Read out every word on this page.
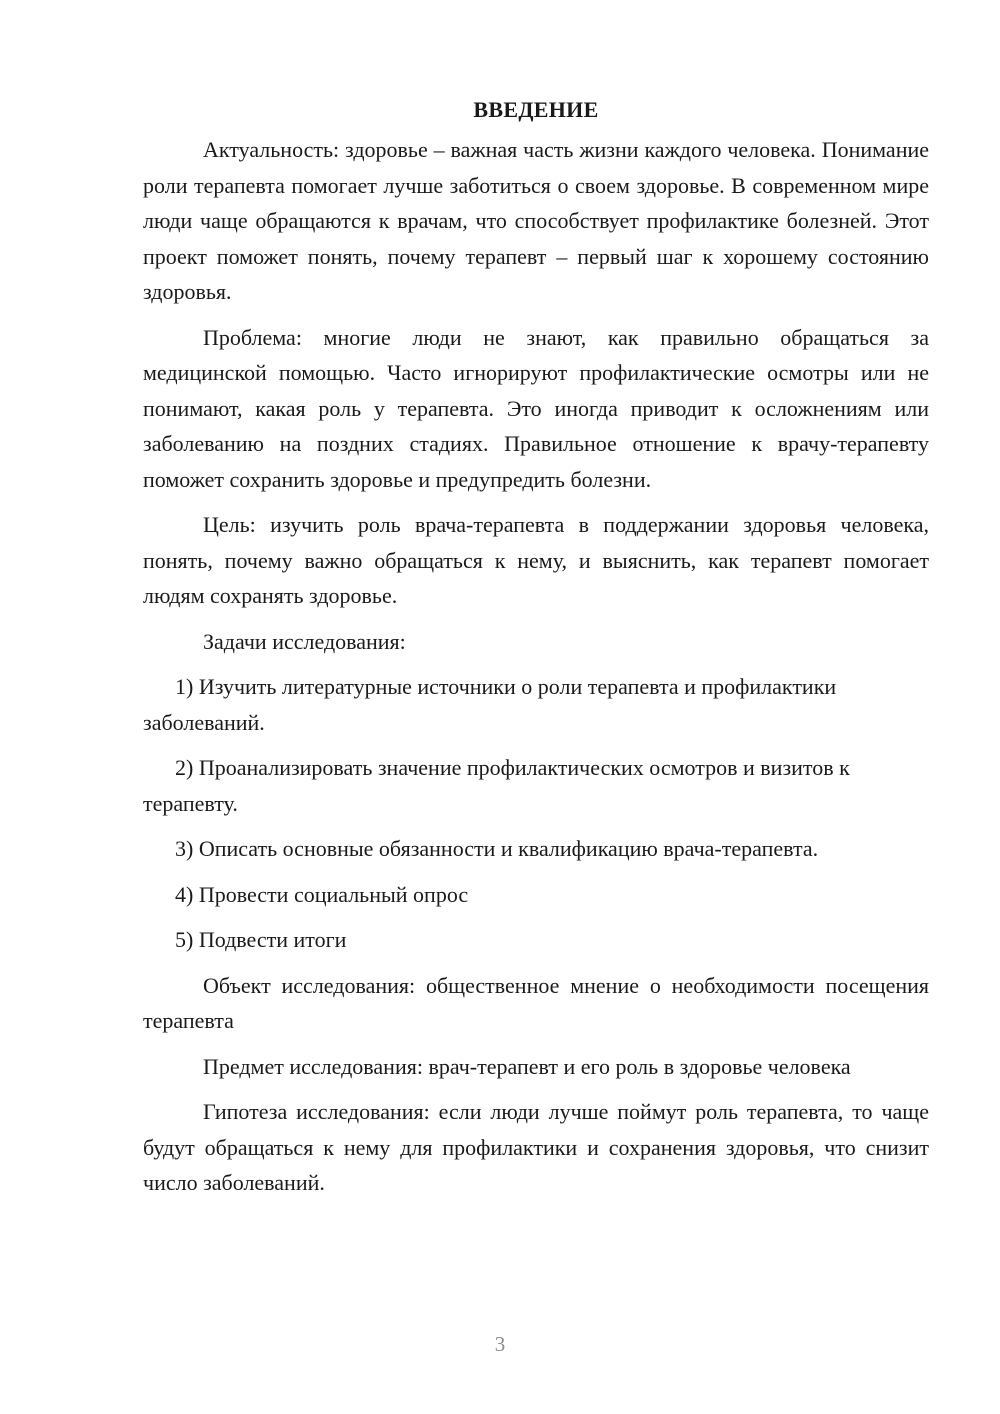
ВВЕДЕНИЕ

Актуальность: здоровье – важная часть жизни каждого человека. Понимание роли терапевта помогает лучше заботиться о своем здоровье. В современном мире люди чаще обращаются к врачам, что способствует профилактике болезней. Этот проект поможет понять, почему терапевт – первый шаг к хорошему состоянию здоровья.

Проблема: многие люди не знают, как правильно обращаться за медицинской помощью. Часто игнорируют профилактические осмотры или не понимают, какая роль у терапевта. Это иногда приводит к осложнениям или заболеванию на поздних стадиях. Правильное отношение к врачу-терапевту поможет сохранить здоровье и предупредить болезни.

Цель: изучить роль врача-терапевта в поддержании здоровья человека, понять, почему важно обращаться к нему, и выяснить, как терапевт помогает людям сохранять здоровье.

Задачи исследования:

1) Изучить литературные источники о роли терапевта и профилактики заболеваний.

2) Проанализировать значение профилактических осмотров и визитов к терапевту.

3) Описать основные обязанности и квалификацию врача-терапевта.

4) Провести социальный опрос

5) Подвести итоги

Объект исследования: общественное мнение о необходимости посещения терапевта

Предмет исследования: врач-терапевт и его роль в здоровье человека

Гипотеза исследования: если люди лучше поймут роль терапевта, то чаще будут обращаться к нему для профилактики и сохранения здоровья, что снизит число заболеваний.

3
